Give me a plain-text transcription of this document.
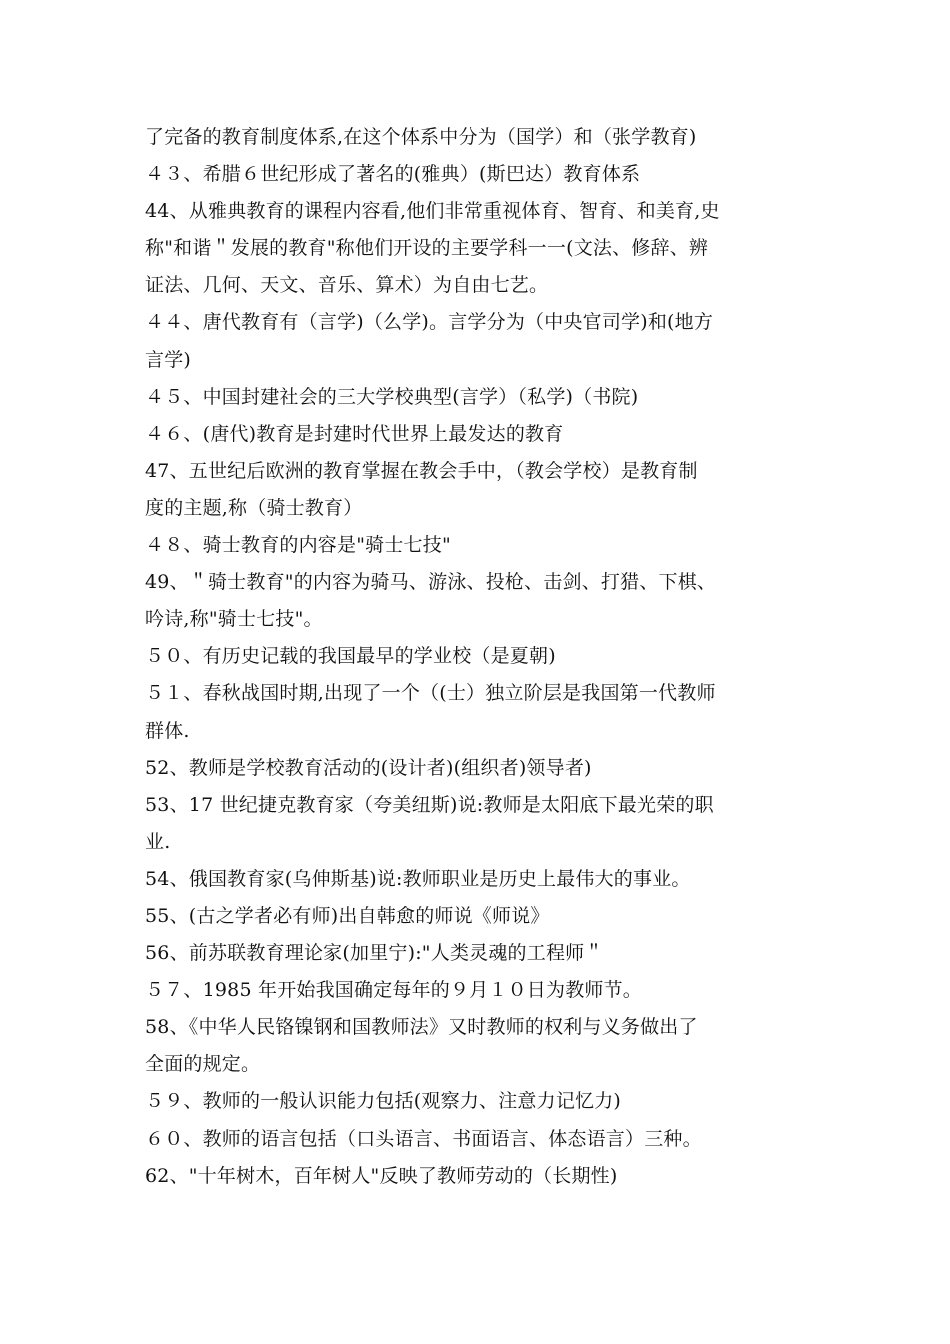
了完备的教育制度体系,在这个体系中分为（国学）和（张学教育)
４３、希腊６世纪形成了著名的(雅典）(斯巴达）教育体系
44、从雅典教育的课程内容看,他们非常重视体育、智育、和美育,史
称"和谐＂发展的教育"称他们开设的主要学科一一(文法、修辞、辨
证法、几何、天文、音乐、算术）为自由七艺。
４４、唐代教育有（言学)（么学)。言学分为（中央官司学)和(地方
言学)
４５、中国封建社会的三大学校典型(言学）（私学)（书院)
４６、(唐代)教育是封建时代世界上最发达的教育
47、五世纪后欧洲的教育掌握在教会手中，（教会学校）是教育制
度的主题,称（骑士教育）
４８、骑士教育的内容是"骑士七技"
49、＂骑士教育"的内容为骑马、游泳、投枪、击剑、打猎、下棋、
吟诗,称"骑士七技"。
５０、有历史记载的我国最早的学业校（是夏朝)
５１、春秋战国时期,出现了一个（(士）独立阶层是我国第一代教师
群体.
52、教师是学校教育活动的(设计者)(组织者)领导者)
53、17 世纪捷克教育家（夸美纽斯)说:教师是太阳底下最光荣的职
业.
54、俄国教育家(乌伸斯基)说:教师职业是历史上最伟大的事业。
55、(古之学者必有师)出自韩愈的师说《师说》
56、前苏联教育理论家(加里宁):"人类灵魂的工程师＂
５７、1985 年开始我国确定每年的９月１０日为教师节。
58、《中华人民铬镍钢和国教师法》又时教师的权利与义务做出了
全面的规定。
５９、教师的一般认识能力包括(观察力、注意力记忆力)
６０、教师的语言包括（口头语言、书面语言、体态语言）三种。
62、"十年树木，百年树人"反映了教师劳动的（长期性)
